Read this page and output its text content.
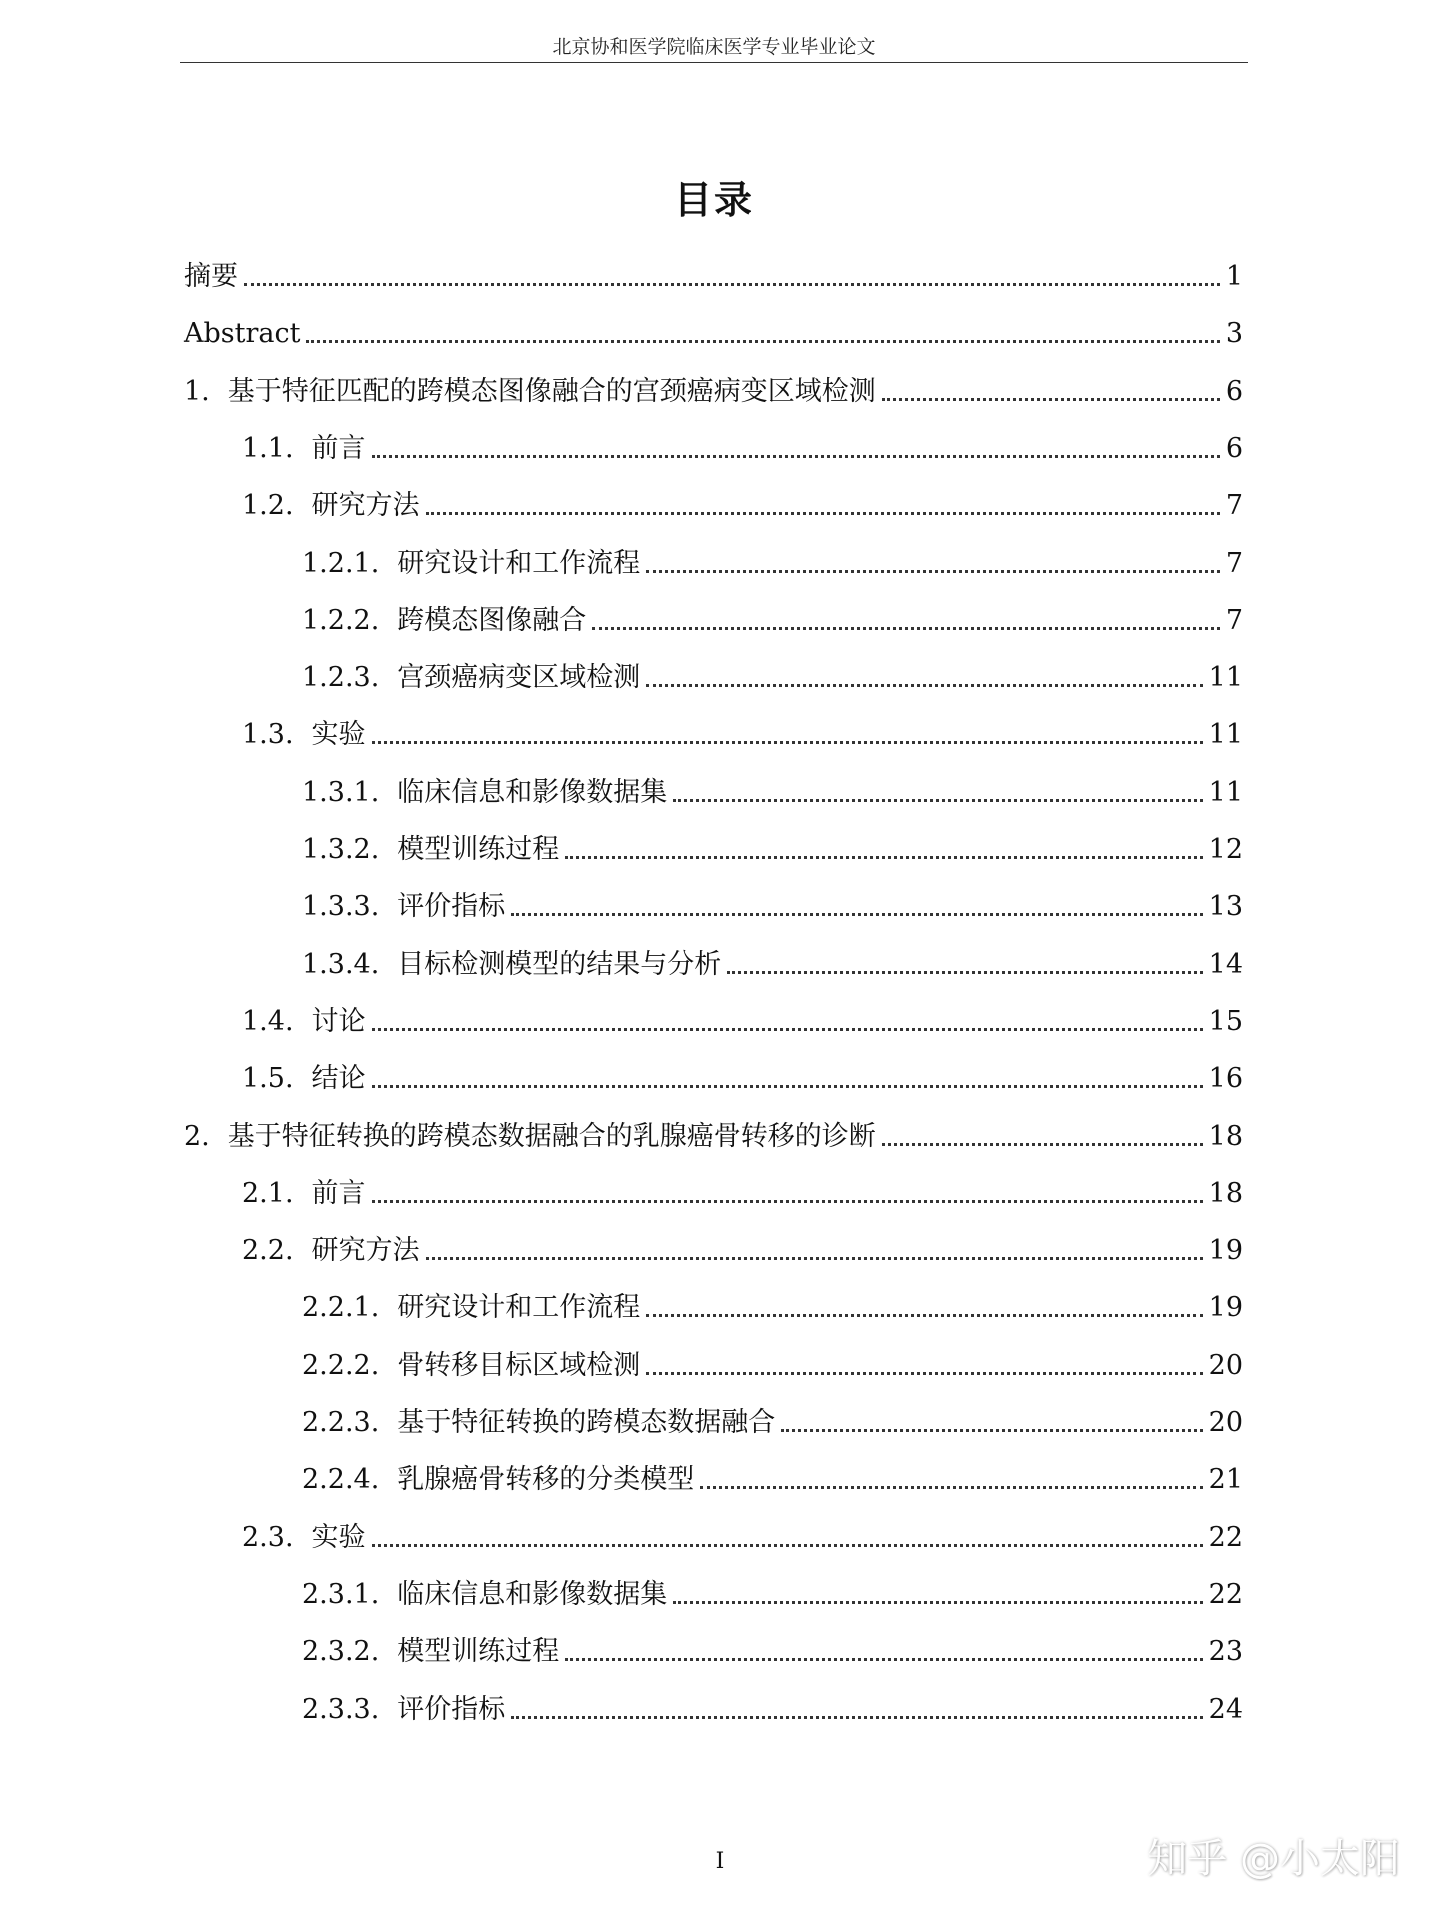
北京协和医学院临床医学专业毕业论文
目录
摘要	1
Abstract	3
1. 基于特征匹配的跨模态图像融合的宫颈癌病变区域检测	6
1.1. 前言	6
1.2. 研究方法	7
1.2.1. 研究设计和工作流程	7
1.2.2. 跨模态图像融合	7
1.2.3. 宫颈癌病变区域检测	11
1.3. 实验	11
1.3.1. 临床信息和影像数据集	11
1.3.2. 模型训练过程	12
1.3.3. 评价指标	13
1.3.4. 目标检测模型的结果与分析	14
1.4. 讨论	15
1.5. 结论	16
2. 基于特征转换的跨模态数据融合的乳腺癌骨转移的诊断	18
2.1. 前言	18
2.2. 研究方法	19
2.2.1. 研究设计和工作流程	19
2.2.2. 骨转移目标区域检测	20
2.2.3. 基于特征转换的跨模态数据融合	20
2.2.4. 乳腺癌骨转移的分类模型	21
2.3. 实验	22
2.3.1. 临床信息和影像数据集	22
2.3.2. 模型训练过程	23
2.3.3. 评价指标	24
I	知乎 @小太阳
